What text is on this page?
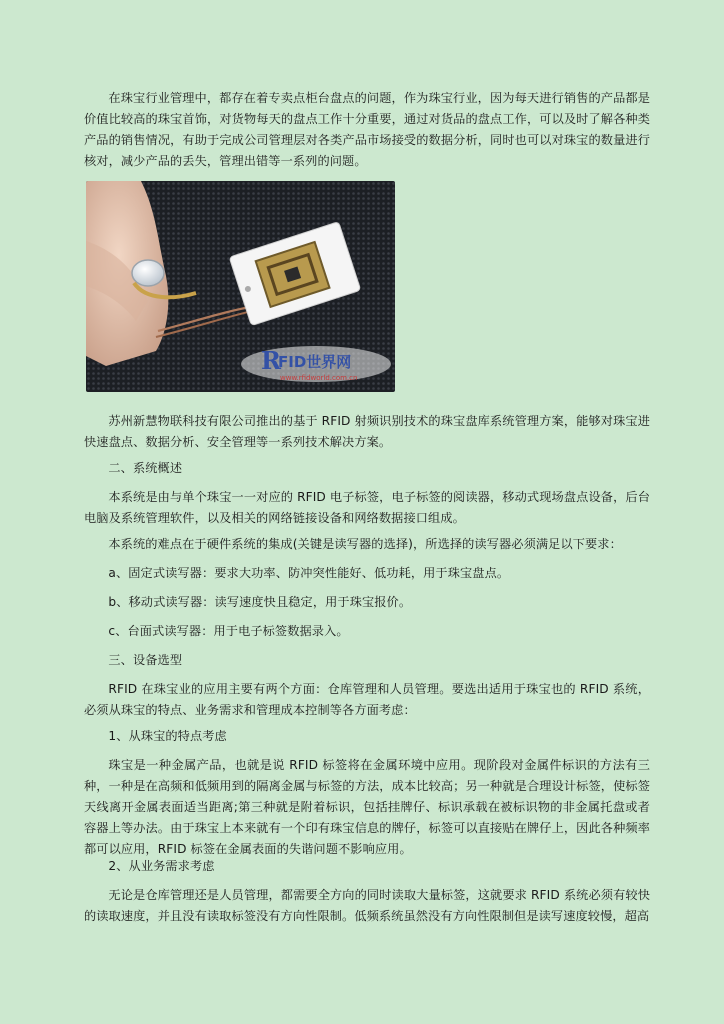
在珠宝行业管理中，都存在着专卖点柜台盘点的问题，作为珠宝行业，因为每天进行销售的产品都是价值比较高的珠宝首饰，对货物每天的盘点工作十分重要，通过对货品的盘点工作，可以及时了解各种类产品的销售情况，有助于完成公司管理层对各类产品市场接受的数据分析，同时也可以对珠宝的数量进行核对，减少产品的丢失，管理出错等一系列的问题。

R
FID世界网
www.rfidworld.com.cn

苏州新慧物联科技有限公司推出的基于 RFID 射频识别技术的珠宝盘库系统管理方案，能够对珠宝进快速盘点、数据分析、安全管理等一系列技术解决方案。

二、系统概述

本系统是由与单个珠宝一一对应的 RFID 电子标签，电子标签的阅读器，移动式现场盘点设备，后台电脑及系统管理软件，以及相关的网络链接设备和网络数据接口组成。

本系统的难点在于硬件系统的集成(关键是读写器的选择)，所选择的读写器必须满足以下要求：

a、固定式读写器：要求大功率、防冲突性能好、低功耗，用于珠宝盘点。

b、移动式读写器：读写速度快且稳定，用于珠宝报价。

c、台面式读写器：用于电子标签数据录入。

三、设备选型

RFID 在珠宝业的应用主要有两个方面：仓库管理和人员管理。要选出适用于珠宝也的 RFID 系统，必须从珠宝的特点、业务需求和管理成本控制等各方面考虑：

1、从珠宝的特点考虑

珠宝是一种金属产品，也就是说 RFID 标签将在金属环境中应用。现阶段对金属件标识的方法有三种，一种是在高频和低频用到的隔离金属与标签的方法，成本比较高；另一种就是合理设计标签，使标签天线离开金属表面适当距离;第三种就是附着标识，包括挂牌仔、标识承载在被标识物的非金属托盘或者容器上等办法。由于珠宝上本来就有一个印有珠宝信息的牌仔，标签可以直接贴在牌仔上，因此各种频率都可以应用，RFID 标签在金属表面的失谐问题不影响应用。

2、从业务需求考虑

无论是仓库管理还是人员管理，都需要全方向的同时读取大量标签，这就要求 RFID 系统必须有较快的读取速度，并且没有读取标签没有方向性限制。低频系统虽然没有方向性限制但是读写速度较慢，超高
